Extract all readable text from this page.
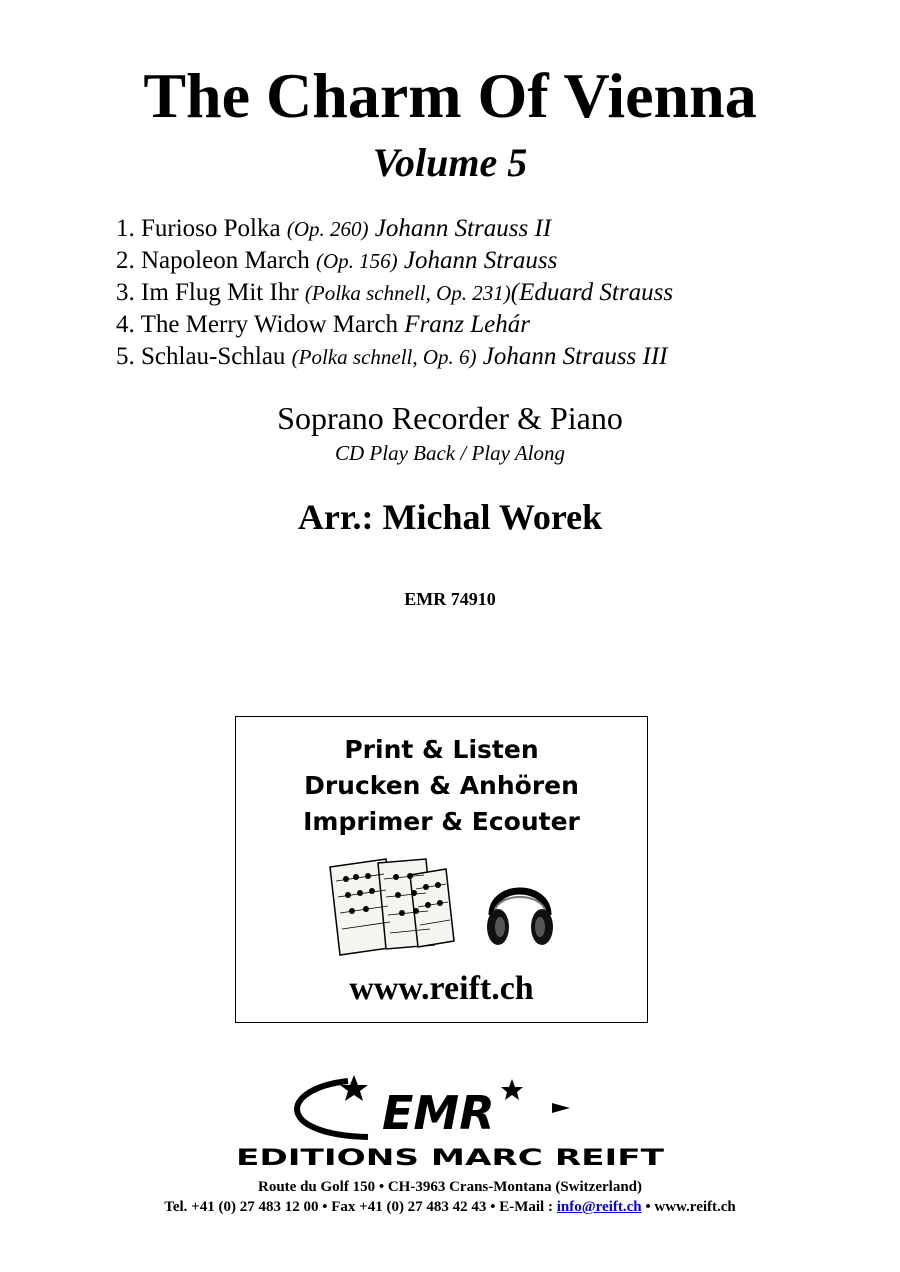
The Charm Of Vienna
Volume 5
1. Furioso Polka (Op. 260) Johann Strauss II
2. Napoleon March (Op. 156) Johann Strauss
3. Im Flug Mit Ihr (Polka schnell, Op. 231)(Eduard Strauss
4. The Merry Widow March Franz Lehár
5. Schlau-Schlau (Polka schnell, Op. 6) Johann Strauss III
Soprano Recorder & Piano
CD Play Back / Play Along
Arr.: Michal Worek
EMR 74910
Print & Listen
Drucken & Anhören
Imprimer & Ecouter
www.reift.ch
EMR
EDITIONS MARC REIFT
Route du Golf 150 • CH-3963 Crans-Montana (Switzerland)
Tel. +41 (0) 27 483 12 00 • Fax +41 (0) 27 483 42 43 • E-Mail : info@reift.ch • www.reift.ch
